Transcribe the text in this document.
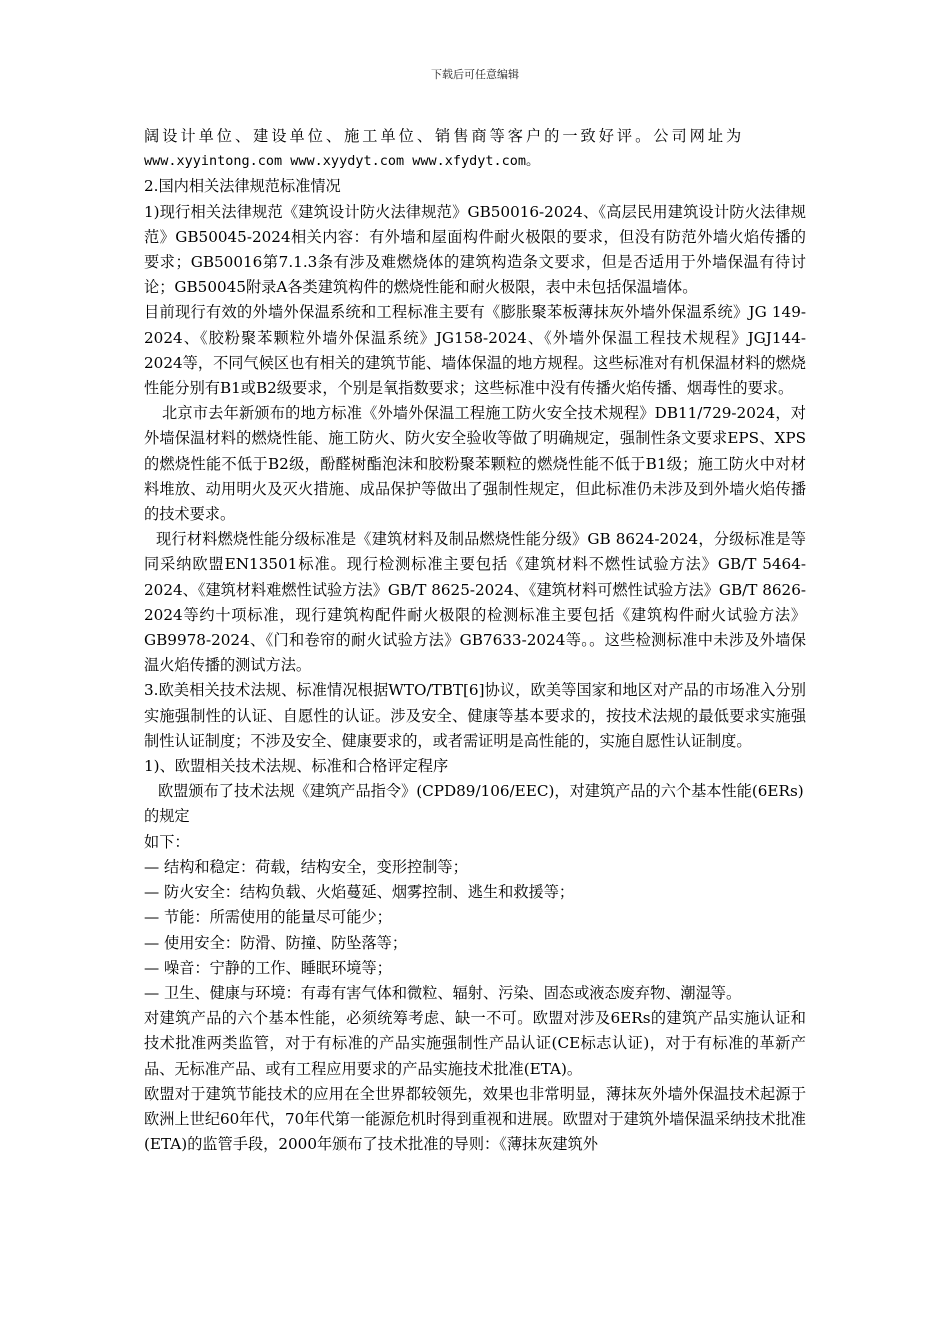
下载后可任意编辑

阔设计单位、建设单位、施工单位、销售商等客户的一致好评。公司网址为

www.xyyintong.com www.xyydyt.com www.xfydyt.com。

2.国内相关法律规范标准情况

1)现行相关法律规范《建筑设计防火法律规范》GB50016-2024、《高层民用建筑设计防火法律规范》GB50045-2024相关内容：有外墙和屋面构件耐火极限的要求，但没有防范外墙火焰传播的要求；GB50016第7.1.3条有涉及难燃烧体的建筑构造条文要求，但是否适用于外墙保温有待讨论；GB50045附录A各类建筑构件的燃烧性能和耐火极限，表中未包括保温墙体。

目前现行有效的外墙外保温系统和工程标准主要有《膨胀聚苯板薄抹灰外墙外保温系统》JG 149-2024、《胶粉聚苯颗粒外墙外保温系统》JG158-2024、《外墙外保温工程技术规程》JGJ144-2024等，不同气候区也有相关的建筑节能、墙体保温的地方规程。这些标准对有机保温材料的燃烧性能分别有B1或B2级要求，个别是氧指数要求；这些标准中没有传播火焰传播、烟毒性的要求。

北京市去年新颁布的地方标准《外墙外保温工程施工防火安全技术规程》DB11/729-2024，对外墙保温材料的燃烧性能、施工防火、防火安全验收等做了明确规定，强制性条文要求EPS、XPS的燃烧性能不低于B2级，酚醛树酯泡沫和胶粉聚苯颗粒的燃烧性能不低于B1级；施工防火中对材料堆放、动用明火及灭火措施、成品保护等做出了强制性规定，但此标准仍未涉及到外墙火焰传播的技术要求。

现行材料燃烧性能分级标准是《建筑材料及制品燃烧性能分级》GB 8624-2024，分级标准是等同采纳欧盟EN13501标准。现行检测标准主要包括《建筑材料不燃性试验方法》GB/T 5464-2024、《建筑材料难燃性试验方法》GB/T 8625-2024、《建筑材料可燃性试验方法》GB/T 8626-2024等约十项标准，现行建筑构配件耐火极限的检测标准主要包括《建筑构件耐火试验方法》GB9978-2024、《门和卷帘的耐火试验方法》GB7633-2024等。。这些检测标准中未涉及外墙保温火焰传播的测试方法。

3.欧美相关技术法规、标准情况根据WTO/TBT[6]协议，欧美等国家和地区对产品的市场准入分别实施强制性的认证、自愿性的认证。涉及安全、健康等基本要求的，按技术法规的最低要求实施强制性认证制度；不涉及安全、健康要求的，或者需证明是高性能的，实施自愿性认证制度。

1)、欧盟相关技术法规、标准和合格评定程序

欧盟颁布了技术法规《建筑产品指令》(CPD89/106/EEC)，对建筑产品的六个基本性能(6ERs)的规定

如下：

— 结构和稳定：荷载，结构安全，变形控制等；

— 防火安全：结构负载、火焰蔓延、烟雾控制、逃生和救援等；

— 节能：所需使用的能量尽可能少；

— 使用安全：防滑、防撞、防坠落等；

— 噪音：宁静的工作、睡眠环境等；

— 卫生、健康与环境：有毒有害气体和微粒、辐射、污染、固态或液态废弃物、潮湿等。

对建筑产品的六个基本性能，必须统筹考虑、缺一不可。欧盟对涉及6ERs的建筑产品实施认证和技术批准两类监管，对于有标准的产品实施强制性产品认证(CE标志认证)，对于有标准的革新产品、无标准产品、或有工程应用要求的产品实施技术批准(ETA)。

欧盟对于建筑节能技术的应用在全世界都较领先，效果也非常明显，薄抹灰外墙外保温技术起源于欧洲上世纪60年代，70年代第一能源危机时得到重视和进展。欧盟对于建筑外墙保温采纳技术批准(ETA)的监管手段，2000年颁布了技术批准的导则：《薄抹灰建筑外
